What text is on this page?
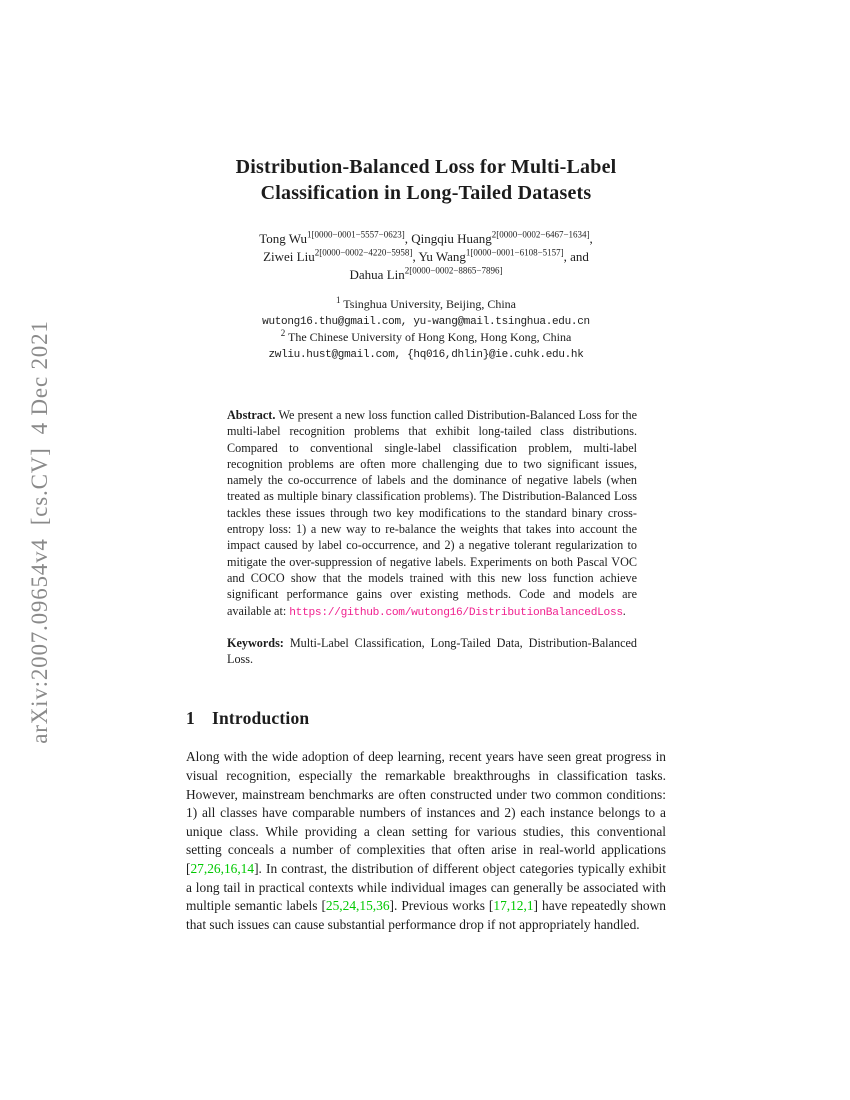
arXiv:2007.09654v4  [cs.CV]  4 Dec 2021
Distribution-Balanced Loss for Multi-Label
Classification in Long-Tailed Datasets
Tong $Wu^{1[0000-0001-5557-0623]}$, Qingqiu Huang$^{2[0000-0002-6467-1634]}$,
Ziwei Liu$^{2[0000-0002-4220-5958]}$, Yu Wang$^{1[0000-0001-6108-5157]}$, and
Dahua Lin$^{2[0000-0002-8865-7896]}$
$^1$ Tsinghua University, Beijing, China
wutong16.thu@gmail.com, yu-wang@mail.tsinghua.edu.cn
$^2$ The Chinese University of Hong Kong, Hong Kong, China
zwliu.hust@gmail.com, {hq016,dhlin}@ie.cuhk.edu.hk
Abstract. We present a new loss function called Distribution-Balanced Loss for the multi-label recognition problems that exhibit long-tailed class distributions. Compared to conventional single-label classification problem, multi-label recognition problems are often more challenging due to two significant issues, namely the co-occurrence of labels and the dominance of negative labels (when treated as multiple binary classification problems). The Distribution-Balanced Loss tackles these issues through two key modifications to the standard binary cross-entropy loss: 1) a new way to re-balance the weights that takes into account the impact caused by label co-occurrence, and 2) a negative tolerant regularization to mitigate the over-suppression of negative labels. Experiments on both Pascal VOC and COCO show that the models trained with this new loss function achieve significant performance gains over existing methods. Code and models are available at: https://github.com/wutong16/DistributionBalancedLoss.
Keywords: Multi-Label Classification, Long-Tailed Data, Distribution-Balanced Loss.
1 Introduction

Along with the wide adoption of deep learning, recent years have seen great progress in visual recognition, especially the remarkable breakthroughs in classification tasks. However, mainstream benchmarks are often constructed under two common conditions: 1) all classes have comparable numbers of instances and 2) each instance belongs to a unique class. While providing a clean setting for various studies, this conventional setting conceals a number of complexities that often arise in real-world applications [27,26,16,14]. In contrast, the distribution of different object categories typically exhibit a long tail in practical contexts while individual images can generally be associated with multiple semantic labels [25,24,15,36]. Previous works [17,12,1] have repeatedly shown that such issues can cause substantial performance drop if not appropriately handled.
